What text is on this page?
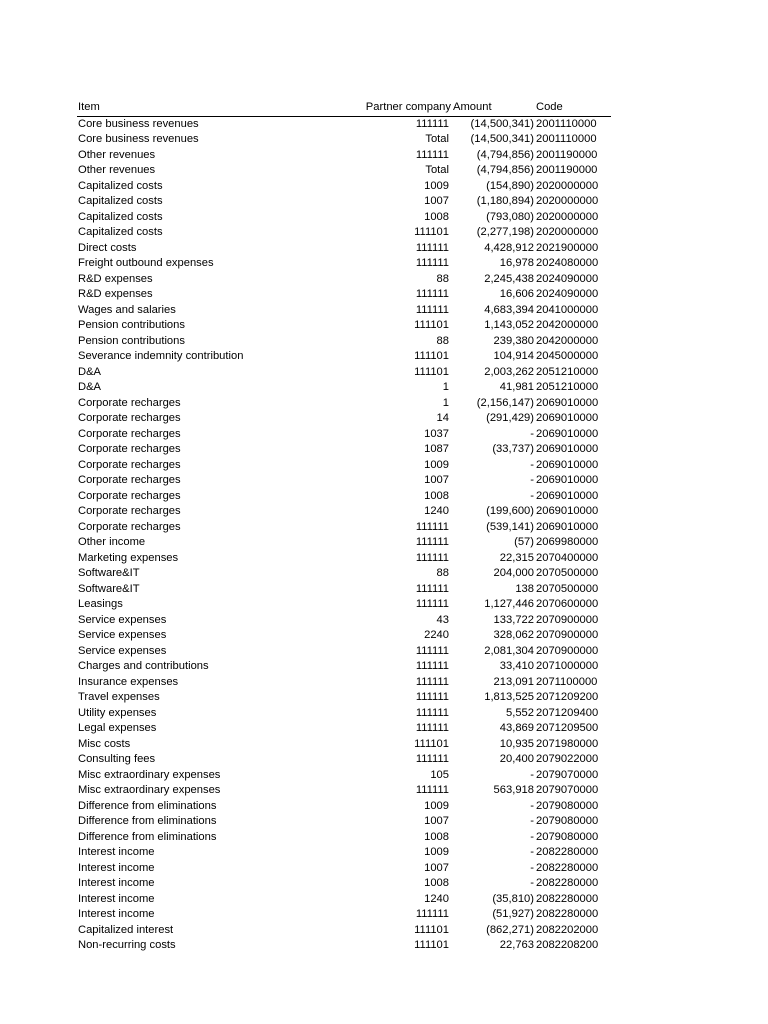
Item	Partner company	Amount	Code
Core business revenues	111111	(14,500,341)	2001110000
Core business revenues	Total	(14,500,341)	2001110000
Other revenues	111111	(4,794,856)	2001190000
Other revenues	Total	(4,794,856)	2001190000
Capitalized costs	1009	(154,890)	2020000000
Capitalized costs	1007	(1,180,894)	2020000000
Capitalized costs	1008	(793,080)	2020000000
Capitalized costs	111101	(2,277,198)	2020000000
Direct costs	111111	4,428,912	2021900000
Freight outbound expenses	111111	16,978	2024080000
R&D expenses	88	2,245,438	2024090000
R&D expenses	111111	16,606	2024090000
Wages and salaries	111111	4,683,394	2041000000
Pension contributions	111101	1,143,052	2042000000
Pension contributions	88	239,380	2042000000
Severance indemnity contribution	111101	104,914	2045000000
D&A	111101	2,003,262	2051210000
D&A	1	41,981	2051210000
Corporate recharges	1	(2,156,147)	2069010000
Corporate recharges	14	(291,429)	2069010000
Corporate recharges	1037	-	2069010000
Corporate recharges	1087	(33,737)	2069010000
Corporate recharges	1009	-	2069010000
Corporate recharges	1007	-	2069010000
Corporate recharges	1008	-	2069010000
Corporate recharges	1240	(199,600)	2069010000
Corporate recharges	111111	(539,141)	2069010000
Other income	111111	(57)	2069980000
Marketing expenses	111111	22,315	2070400000
Software&IT	88	204,000	2070500000
Software&IT	111111	138	2070500000
Leasings	111111	1,127,446	2070600000
Service expenses	43	133,722	2070900000
Service expenses	2240	328,062	2070900000
Service expenses	111111	2,081,304	2070900000
Charges and contributions	111111	33,410	2071000000
Insurance expenses	111111	213,091	2071100000
Travel expenses	111111	1,813,525	2071209200
Utility expenses	111111	5,552	2071209400
Legal expenses	111111	43,869	2071209500
Misc costs	111101	10,935	2071980000
Consulting fees	111111	20,400	2079022000
Misc extraordinary expenses	105	-	2079070000
Misc extraordinary expenses	111111	563,918	2079070000
Difference from eliminations	1009	-	2079080000
Difference from eliminations	1007	-	2079080000
Difference from eliminations	1008	-	2079080000
Interest income	1009	-	2082280000
Interest income	1007	-	2082280000
Interest income	1008	-	2082280000
Interest income	1240	(35,810)	2082280000
Interest income	111111	(51,927)	2082280000
Capitalized interest	111101	(862,271)	2082202000
Non-recurring costs	111101	22,763	2082208200
